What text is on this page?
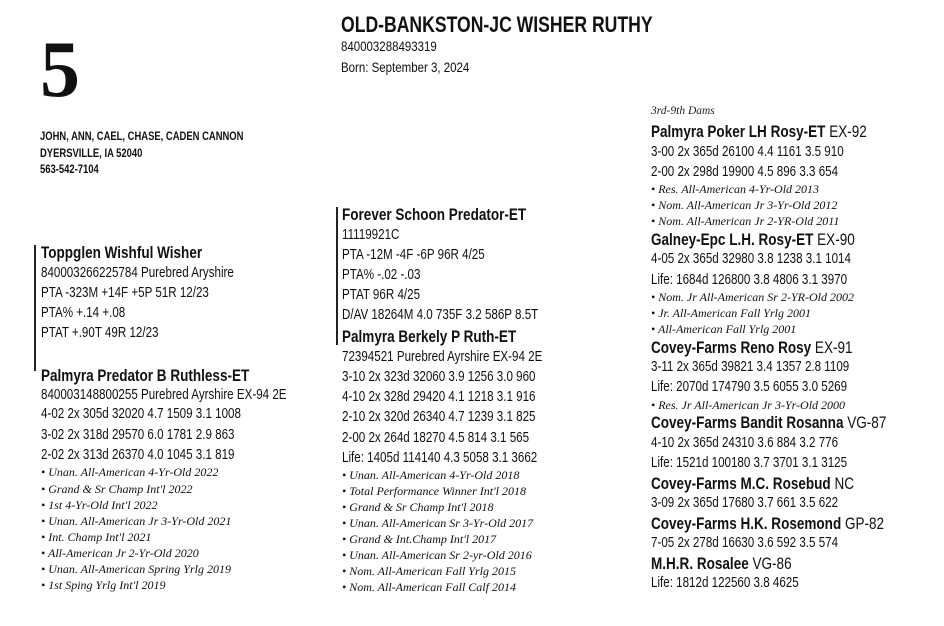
5
OLD-BANKSTON-JC WISHER RUTHY
840003288493319
Born: September 3, 2024
JOHN, ANN, CAEL, CHASE, CADEN CANNON
DYERSVILLE, IA 52040
563-542-7104
Toppglen Wishful Wisher
840003266225784 Purebred Aryshire
PTA -323M +14F +5P 51R 12/23
PTA% +.14 +.08
PTAT +.90T 49R 12/23
Palmyra Predator B Ruthless-ET
840003148800255 Purebred Ayrshire EX-94 2E
4-02 2x 305d 32020 4.7 1509 3.1 1008
3-02 2x 318d 29570 6.0 1781 2.9 863
2-02 2x 313d 26370 4.0 1045 3.1 819
• Unan. All-American 4-Yr-Old 2022
• Grand & Sr Champ Int'l 2022
• 1st 4-Yr-Old Int'l 2022
• Unan. All-American Jr 3-Yr-Old 2021
• Int. Champ Int'l 2021
• All-American Jr 2-Yr-Old 2020
• Unan. All-American Spring Yrlg 2019
• 1st Sping Yrlg Int'l 2019
Forever Schoon Predator-ET
11119921C
PTA -12M -4F -6P 96R 4/25
PTA% -.02 -.03
PTAT 96R 4/25
D/AV 18264M 4.0 735F 3.2 586P 8.5T
Palmyra Berkely P Ruth-ET
72394521 Purebred Ayrshire EX-94 2E
3-10 2x 323d 32060 3.9 1256 3.0 960
4-10 2x 328d 29420 4.1 1218 3.1 916
2-10 2x 320d 26340 4.7 1239 3.1 825
2-00 2x 264d 18270 4.5 814 3.1 565
Life: 1405d 114140 4.3 5058 3.1 3662
• Unan. All-American 4-Yr-Old 2018
• Total Performance Winner Int'l 2018
• Grand & Sr Champ Int'l 2018
• Unan. All-American Sr 3-Yr-Old 2017
• Grand & Int.Champ Int'l 2017
• Unan. All-American Sr 2-yr-Old 2016
• Nom. All-American Fall Yrlg 2015
• Nom. All-American Fall Calf 2014
3rd-9th Dams
Palmyra Poker LH Rosy-ET EX-92
3-00 2x 365d 26100 4.4 1161 3.5 910
2-00 2x 298d 19900 4.5 896 3.3 654
• Res. All-American 4-Yr-Old 2013
• Nom. All-American Jr 3-Yr-Old 2012
• Nom. All-American Jr 2-YR-Old 2011
Galney-Epc L.H. Rosy-ET EX-90
4-05 2x 365d 32980 3.8 1238 3.1 1014
Life: 1684d 126800 3.8 4806 3.1 3970
• Nom. Jr All-American Sr 2-YR-Old 2002
• Jr. All-American Fall Yrlg 2001
• All-American Fall Yrlg 2001
Covey-Farms Reno Rosy EX-91
3-11 2x 365d 39821 3.4 1357 2.8 1109
Life: 2070d 174790 3.5 6055 3.0 5269
• Res. Jr All-American Jr 3-Yr-Old 2000
Covey-Farms Bandit Rosanna VG-87
4-10 2x 365d 24310 3.6 884 3.2 776
Life: 1521d 100180 3.7 3701 3.1 3125
Covey-Farms M.C. Rosebud NC
3-09 2x 365d 17680 3.7 661 3.5 622
Covey-Farms H.K. Rosemond GP-82
7-05 2x 278d 16630 3.6 592 3.5 574
M.H.R. Rosalee VG-86
Life: 1812d 122560 3.8 4625
